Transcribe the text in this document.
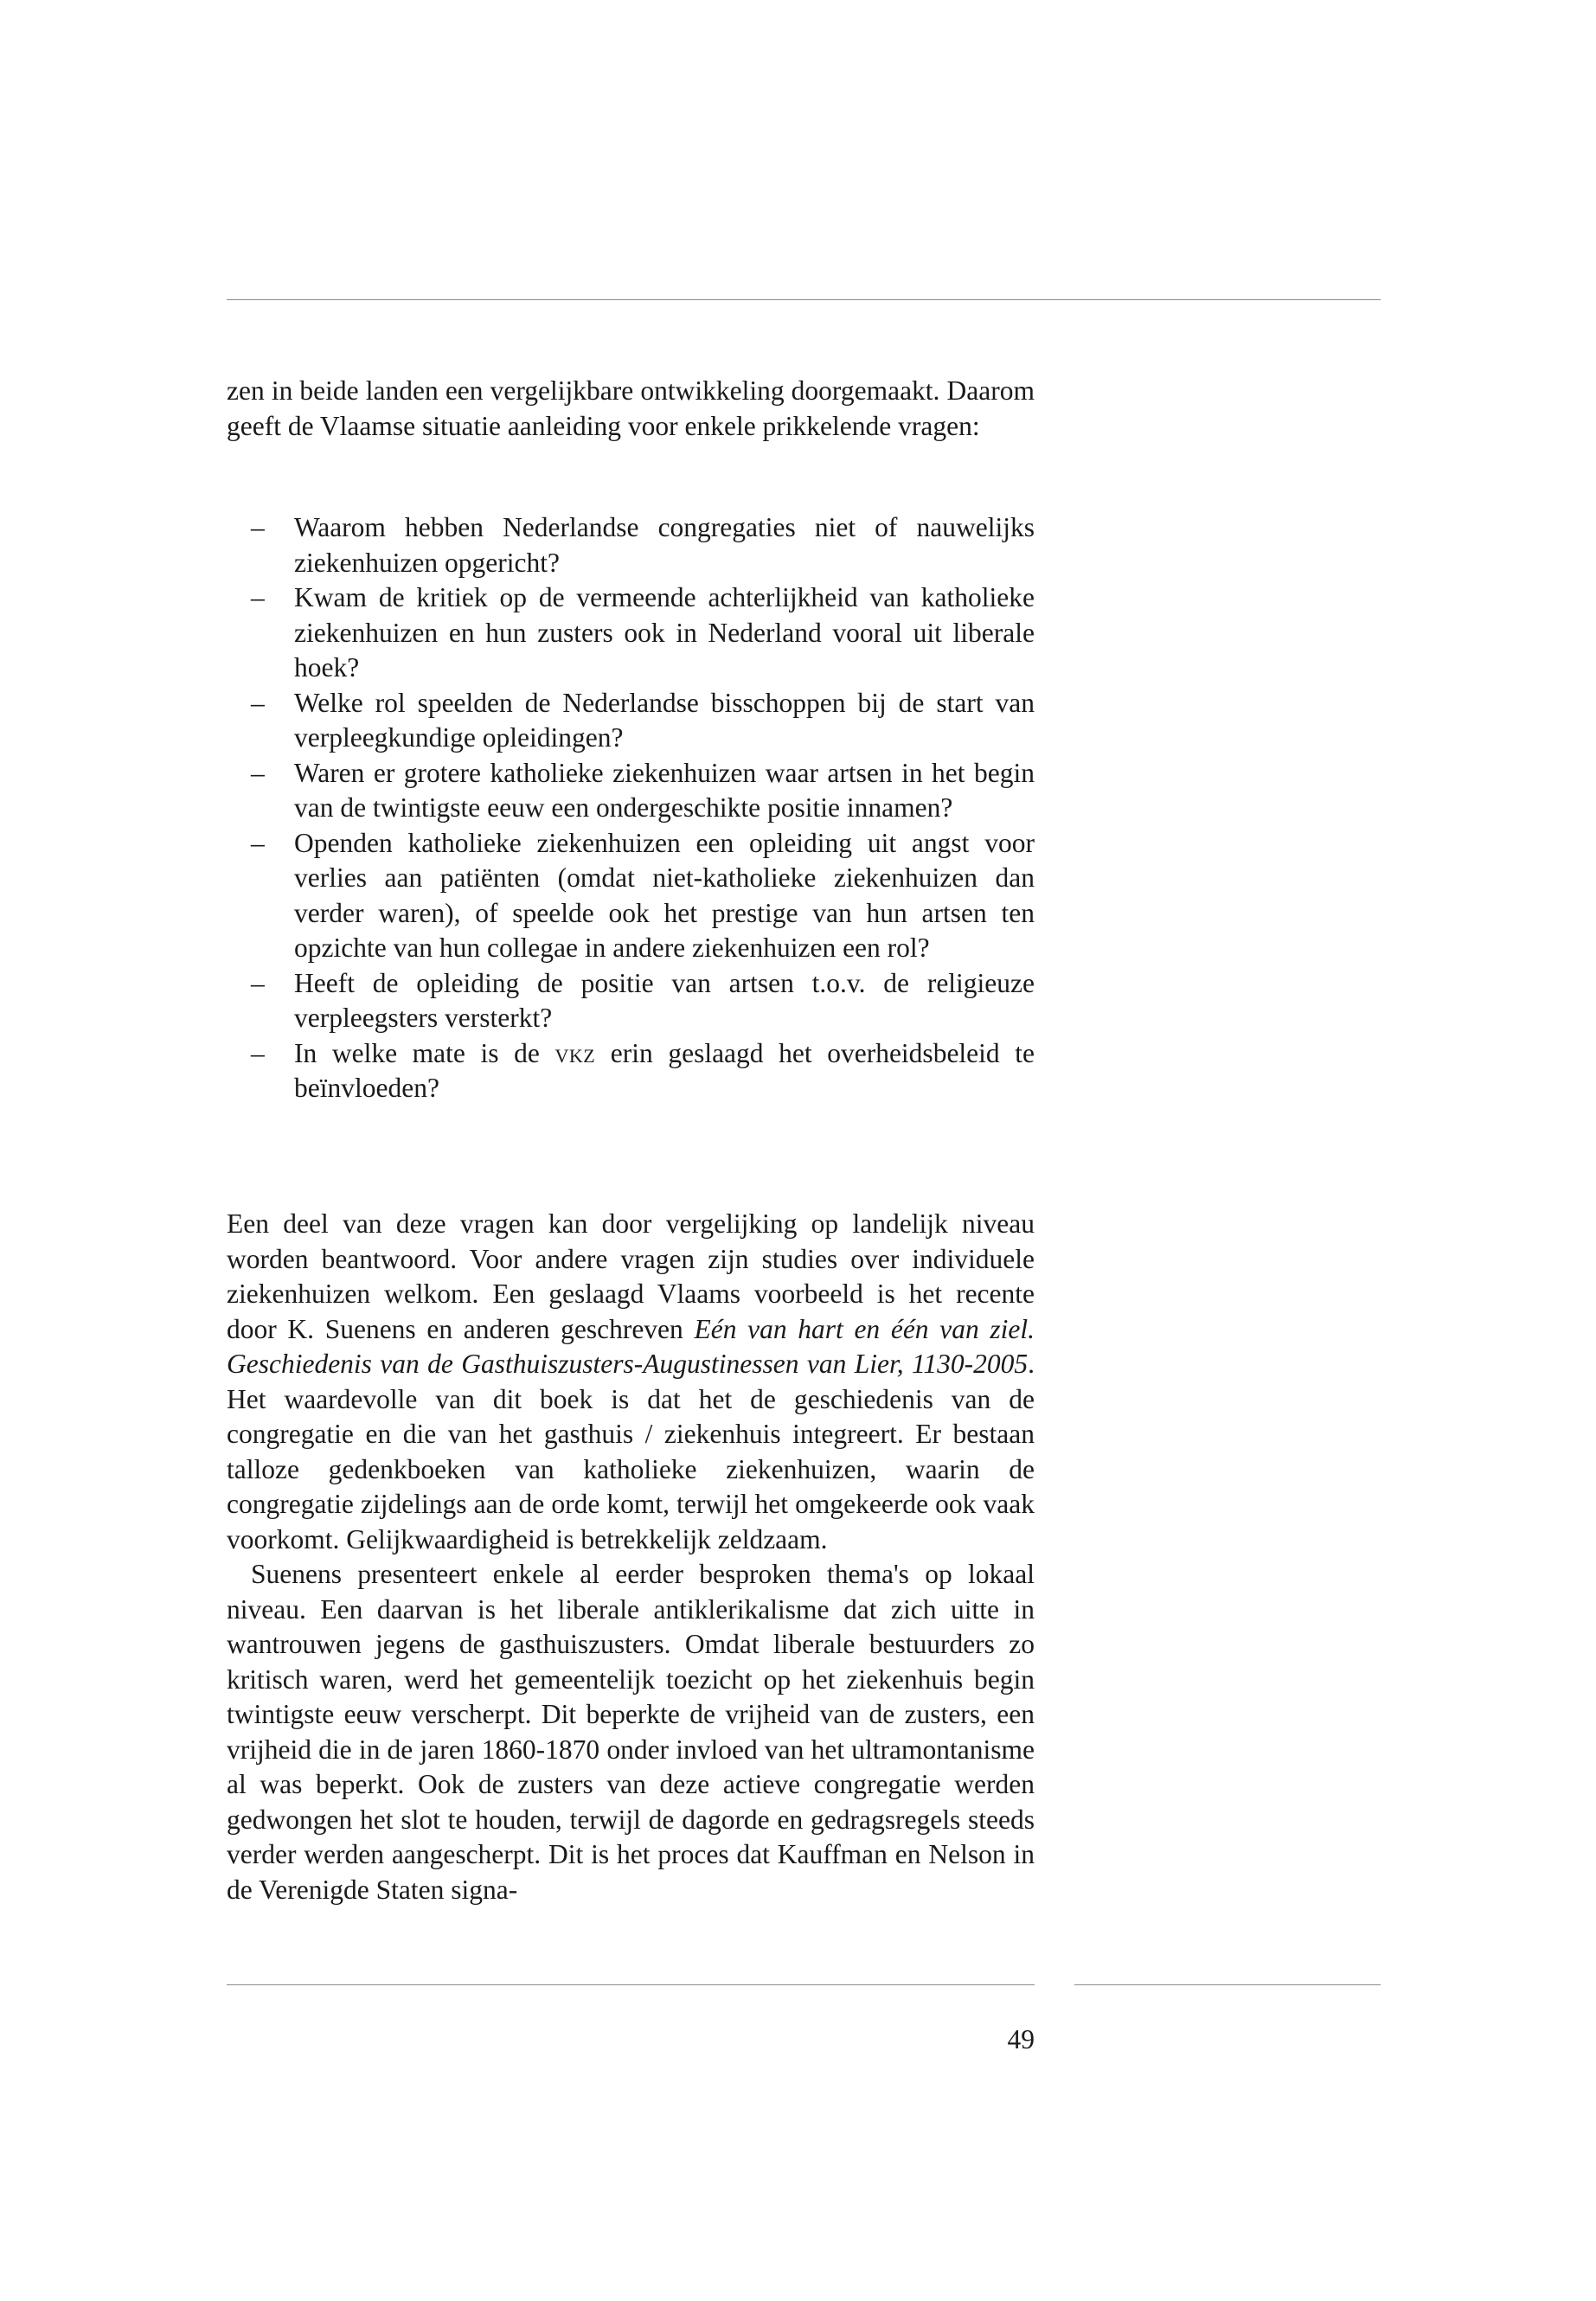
zen in beide landen een vergelijkbare ontwikkeling doorgemaakt. Daarom geeft de Vlaamse situatie aanleiding voor enkele prikkelende vragen:

– Waarom hebben Nederlandse congregaties niet of nauwelijks ziekenhuizen opgericht?
– Kwam de kritiek op de vermeende achterlijkheid van katholieke ziekenhuizen en hun zusters ook in Nederland vooral uit liberale hoek?
– Welke rol speelden de Nederlandse bisschoppen bij de start van verpleegkundige opleidingen?
– Waren er grotere katholieke ziekenhuizen waar artsen in het begin van de twintigste eeuw een ondergeschikte positie innamen?
– Openden katholieke ziekenhuizen een opleiding uit angst voor verlies aan patiënten (omdat niet-katholieke ziekenhuizen dan verder waren), of speelde ook het prestige van hun artsen ten opzichte van hun collegae in andere ziekenhuizen een rol?
– Heeft de opleiding de positie van artsen t.o.v. de religieuze verpleegsters versterkt?
– In welke mate is de vkz erin geslaagd het overheidsbeleid te beïnvloeden?

Een deel van deze vragen kan door vergelijking op landelijk niveau worden beantwoord. Voor andere vragen zijn studies over individuele ziekenhuizen welkom. Een geslaagd Vlaams voorbeeld is het recente door K. Suenens en anderen geschreven Eén van hart en één van ziel. Geschiedenis van de Gasthuiszusters-Augustinessen van Lier, 1130-2005. Het waardevolle van dit boek is dat het de geschiedenis van de congregatie en die van het gasthuis / ziekenhuis integreert. Er bestaan talloze gedenkboeken van katholieke ziekenhuizen, waarin de congregatie zijdelings aan de orde komt, terwijl het omgekeerde ook vaak voorkomt. Gelijkwaardigheid is betrekkelijk zeldzaam.

Suenens presenteert enkele al eerder besproken thema's op lokaal niveau. Een daarvan is het liberale antiklerikalisme dat zich uitte in wantrouwen jegens de gasthuiszusters. Omdat liberale bestuurders zo kritisch waren, werd het gemeentelijk toezicht op het ziekenhuis begin twintigste eeuw verscherpt. Dit beperkte de vrijheid van de zusters, een vrijheid die in de jaren 1860-1870 onder invloed van het ultramontanisme al was beperkt. Ook de zusters van deze actieve congregatie werden gedwongen het slot te houden, terwijl de dagorde en gedragsregels steeds verder werden aangescherpt. Dit is het proces dat Kauffman en Nelson in de Verenigde Staten signa-

49
